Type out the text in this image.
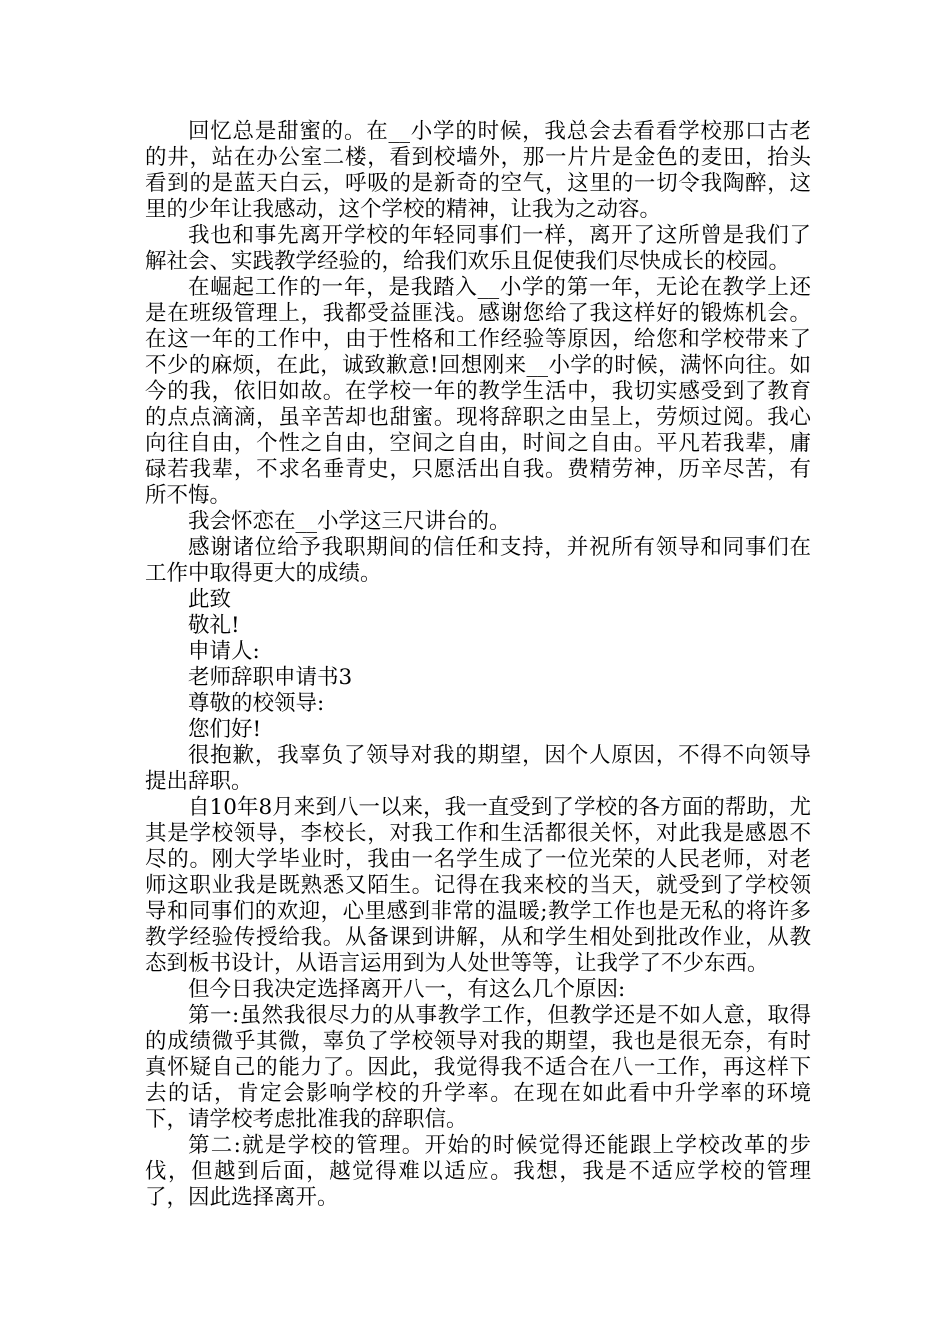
回忆总是甜蜜的。在__小学的时候，我总会去看看学校那口古老的井，站在办公室二楼，看到校墙外，那一片片是金色的麦田，抬头看到的是蓝天白云，呼吸的是新奇的空气，这里的一切令我陶醉，这里的少年让我感动，这个学校的精神，让我为之动容。

我也和事先离开学校的年轻同事们一样，离开了这所曾是我们了解社会、实践教学经验的，给我们欢乐且促使我们尽快成长的校园。

在崛起工作的一年，是我踏入__小学的第一年，无论在教学上还是在班级管理上，我都受益匪浅。感谢您给了我这样好的锻炼机会。在这一年的工作中，由于性格和工作经验等原因，给您和学校带来了不少的麻烦，在此，诚致歉意!回想刚来__小学的时候，满怀向往。如今的我，依旧如故。在学校一年的教学生活中，我切实感受到了教育的点点滴滴，虽辛苦却也甜蜜。现将辞职之由呈上，劳烦过阅。我心向往自由，个性之自由，空间之自由，时间之自由。平凡若我辈，庸碌若我辈，不求名垂青史，只愿活出自我。费精劳神，历辛尽苦，有所不悔。

我会怀恋在__小学这三尺讲台的。

感谢诸位给予我职期间的信任和支持，并祝所有领导和同事们在工作中取得更大的成绩。

此致

敬礼!

申请人:

老师辞职申请书3

尊敬的校领导:

您们好!

很抱歉，我辜负了领导对我的期望，因个人原因，不得不向领导提出辞职。

自10年8月来到八一以来，我一直受到了学校的各方面的帮助，尤其是学校领导，李校长，对我工作和生活都很关怀，对此我是感恩不尽的。刚大学毕业时，我由一名学生成了一位光荣的人民老师，对老师这职业我是既熟悉又陌生。记得在我来校的当天，就受到了学校领导和同事们的欢迎，心里感到非常的温暖;教学工作也是无私的将许多教学经验传授给我。从备课到讲解，从和学生相处到批改作业，从教态到板书设计，从语言运用到为人处世等等，让我学了不少东西。

但今日我决定选择离开八一，有这么几个原因:

第一:虽然我很尽力的从事教学工作，但教学还是不如人意，取得的成绩微乎其微，辜负了学校领导对我的期望，我也是很无奈，有时真怀疑自己的能力了。因此，我觉得我不适合在八一工作，再这样下去的话，肯定会影响学校的升学率。在现在如此看中升学率的环境下，请学校考虑批准我的辞职信。

第二:就是学校的管理。开始的时候觉得还能跟上学校改革的步伐，但越到后面，越觉得难以适应。我想，我是不适应学校的管理了，因此选择离开。
